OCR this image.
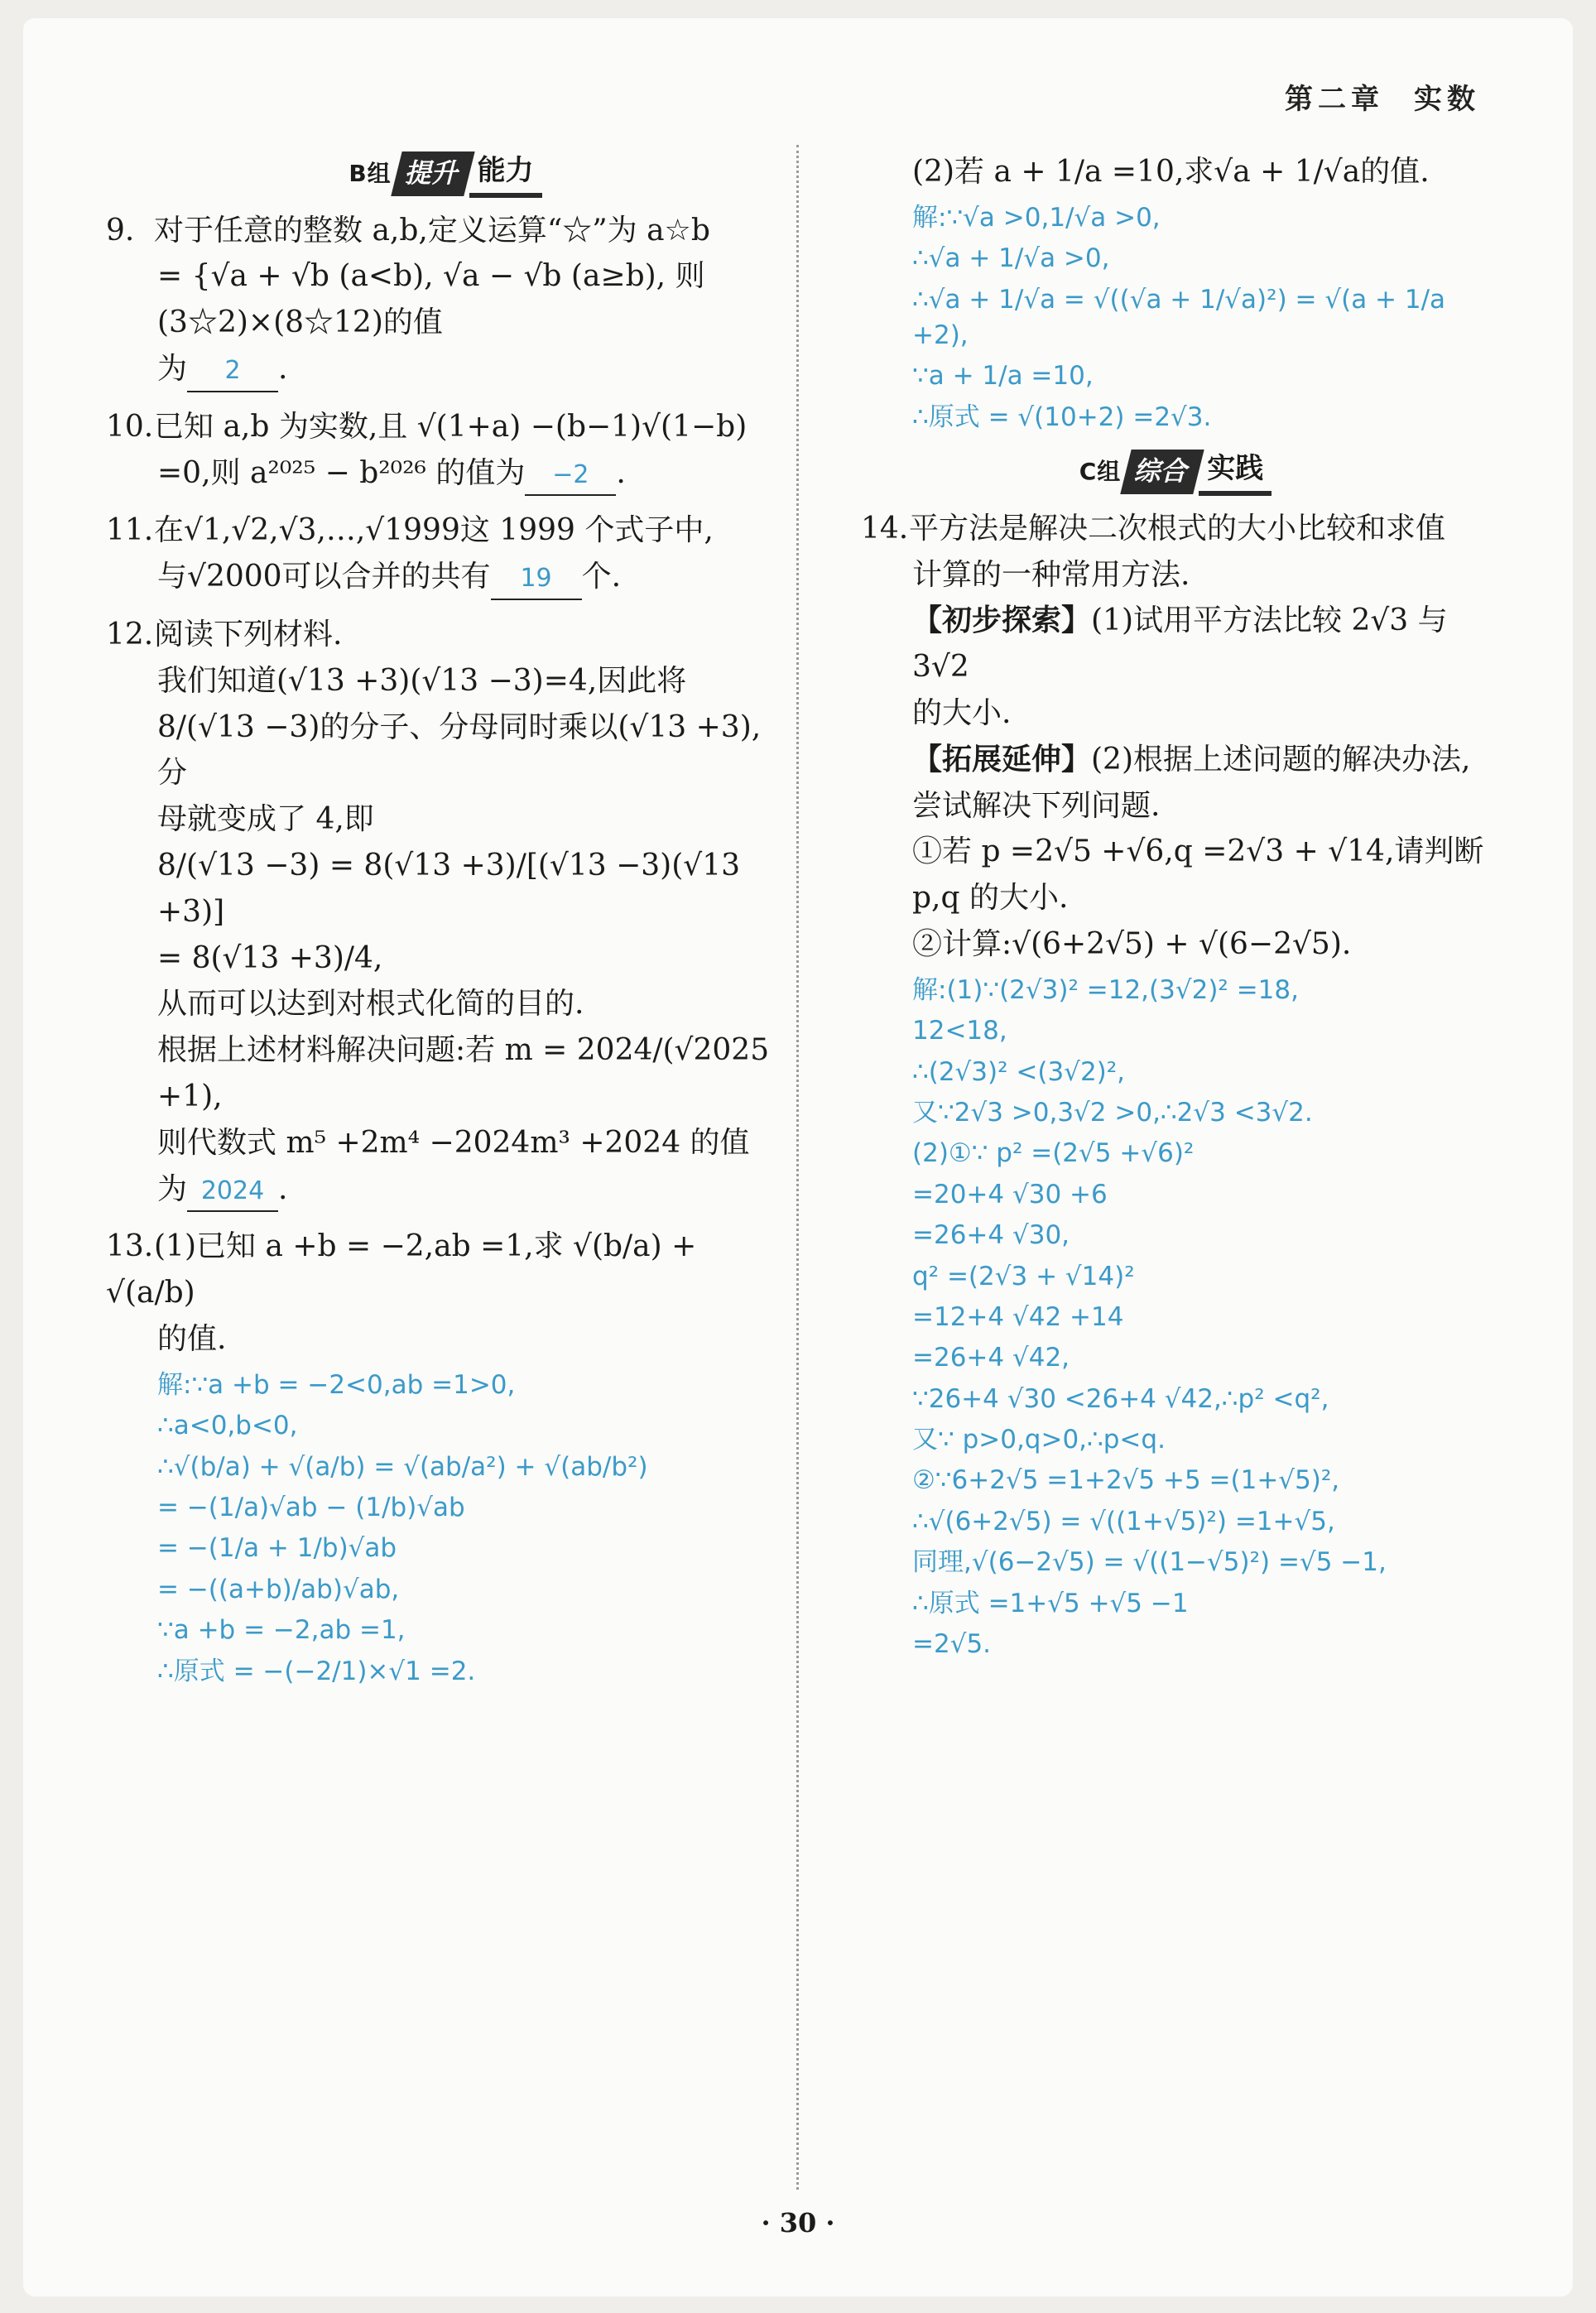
第二章 实数
B组 提升 能力
9. 对于任意的整数 a,b,定义运算“☆”为 a☆b
= {√a + √b (a<b), √a − √b (a≥b), 则(3☆2)×(8☆12)的值
为 2 .
10.已知 a,b 为实数,且 √(1+a) −(b−1)√(1−b)
=0,则 a²⁰²⁵ − b²⁰²⁶ 的值为 −2 .
11.在√1,√2,√3,…,√1999这 1999 个式子中,
与√2000可以合并的共有 19 个.
12.阅读下列材料.
我们知道(√13 +3)(√13 −3)=4,因此将
8/(√13 −3)的分子、分母同时乘以(√13 +3),分
母就变成了 4,即
8/(√13 −3) = 8(√13 +3)/[(√13 −3)(√13 +3)]
= 8(√13 +3)/4,
从而可以达到对根式化简的目的.
根据上述材料解决问题:若 m = 2024/(√2025 +1),
则代数式 m⁵ +2m⁴ −2024m³ +2024 的值
为 2024 .
13.(1)已知 a +b = −2,ab =1,求 √(b/a) + √(a/b)
的值.
解:∵a +b = −2<0,ab =1>0,
∴a<0,b<0,
∴√(b/a) + √(a/b) = √(ab/a²) + √(ab/b²)
= −(1/a)√ab − (1/b)√ab
= −(1/a + 1/b)√ab
= −((a+b)/ab)√ab,
∵a +b = −2,ab =1,
∴原式 = −(−2/1)×√1 =2.
(2)若 a + 1/a =10,求√a + 1/√a的值.
解:∵√a >0,1/√a >0,
∴√a + 1/√a >0,
∴√a + 1/√a = √((√a + 1/√a)²) = √(a + 1/a +2),
∵a + 1/a =10,
∴原式 = √(10+2) =2√3.
C组 综合 实践
14.平方法是解决二次根式的大小比较和求值
计算的一种常用方法.
【初步探索】(1)试用平方法比较 2√3 与 3√2
的大小.
【拓展延伸】(2)根据上述问题的解决办法,
尝试解决下列问题.
①若 p =2√5 +√6,q =2√3 + √14,请判断
p,q 的大小.
②计算:√(6+2√5) + √(6−2√5).
解:(1)∵(2√3)² =12,(3√2)² =18,
12<18,
∴(2√3)² <(3√2)²,
又∵2√3 >0,3√2 >0,∴2√3 <3√2.
(2)①∵ p² =(2√5 +√6)²
=20+4 √30 +6
=26+4 √30,
q² =(2√3 + √14)²
=12+4 √42 +14
=26+4 √42,
∵26+4 √30 <26+4 √42,∴p² <q²,
又∵ p>0,q>0,∴p<q.
②∵6+2√5 =1+2√5 +5 =(1+√5)²,
∴√(6+2√5) = √((1+√5)²) =1+√5,
同理,√(6−2√5) = √((1−√5)²) =√5 −1,
∴原式 =1+√5 +√5 −1
=2√5.
· 30 ·
